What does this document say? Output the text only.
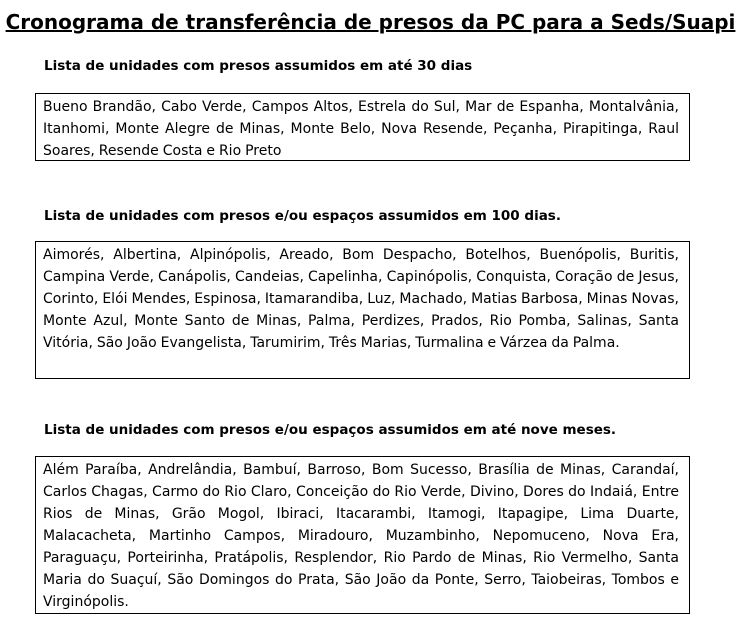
Cronograma de transferência de presos da PC para a Seds/Suapi
Lista de unidades com presos assumidos em até 30 dias
Bueno Brandão, Cabo Verde, Campos Altos, Estrela do Sul, Mar de Espanha, Montalvânia, Itanhomi, Monte Alegre de Minas, Monte Belo, Nova Resende, Peçanha, Pirapitinga, Raul Soares, Resende Costa e Rio Preto
Lista de unidades com presos e/ou espaços assumidos em 100 dias.
Aimorés, Albertina, Alpinópolis, Areado, Bom Despacho, Botelhos, Buenópolis, Buritis, Campina Verde, Canápolis, Candeias, Capelinha, Capinópolis, Conquista, Coração de Jesus, Corinto, Elói Mendes, Espinosa, Itamarandiba, Luz, Machado, Matias Barbosa, Minas Novas, Monte Azul, Monte Santo de Minas, Palma, Perdizes, Prados, Rio Pomba, Salinas, Santa Vitória, São João Evangelista, Tarumirim, Três Marias, Turmalina e Várzea da Palma.
Lista de unidades com presos e/ou espaços assumidos em até nove meses.
Além Paraíba, Andrelândia, Bambuí, Barroso, Bom Sucesso, Brasília de Minas, Carandaí, Carlos Chagas, Carmo do Rio Claro, Conceição do Rio Verde, Divino, Dores do Indaiá, Entre Rios de Minas, Grão Mogol, Ibiraci, Itacarambi, Itamogi, Itapagipe, Lima Duarte, Malacacheta, Martinho Campos, Miradouro, Muzambinho, Nepomuceno, Nova Era, Paraguaçu, Porteirinha, Pratápolis, Resplendor, Rio Pardo de Minas, Rio Vermelho, Santa Maria do Suaçuí, São Domingos do Prata, São João da Ponte, Serro, Taiobeiras, Tombos e Virginópolis.
